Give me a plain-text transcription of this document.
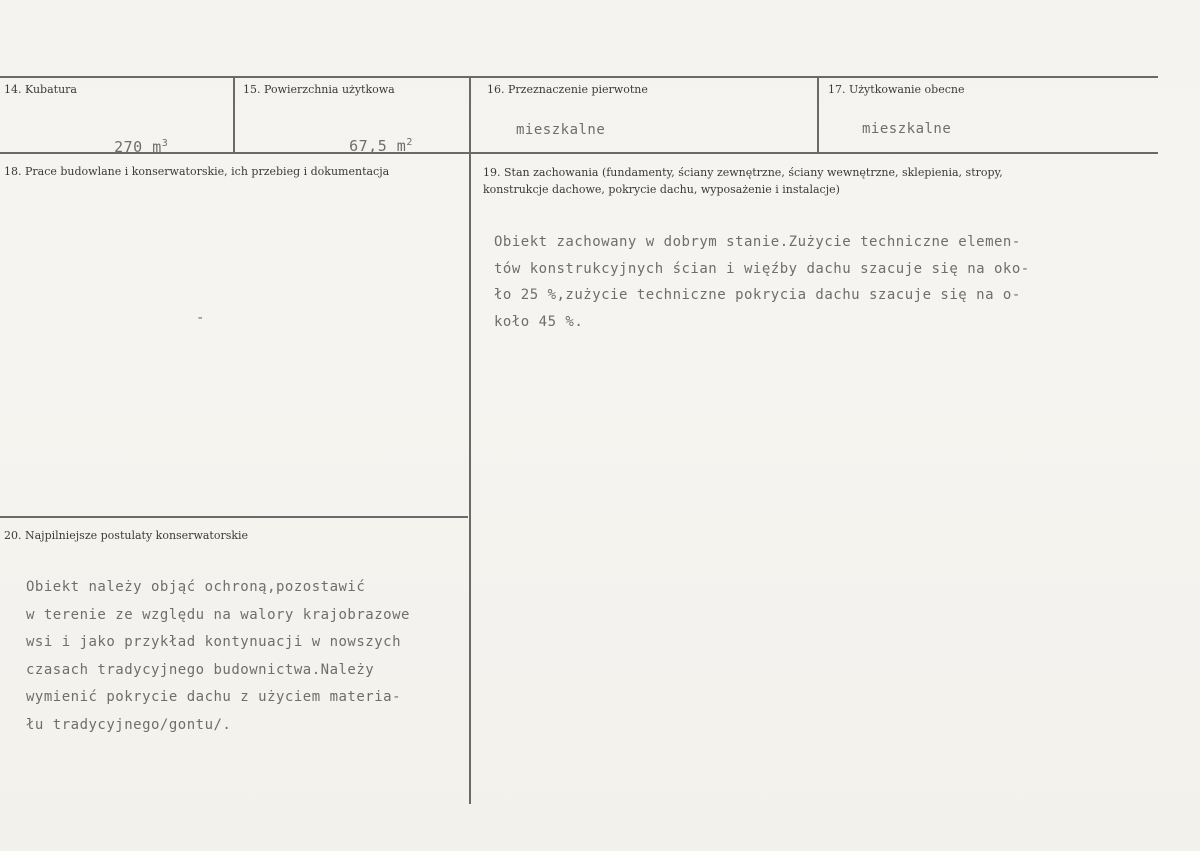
14. Kubatura

270 $m^3$

15. Powierzchnia użytkowa

67,5 $m^2$

16. Przeznaczenie pierwotne
mieszkalne
17. Użytkowanie obecne
mieszkalne
18. Prace budowlane i konserwatorskie, ich przebieg i dokumentacja
-
19. Stan zachowania (fundamenty, ściany zewnętrzne, ściany wewnętrzne, sklepienia, stropy, konstrukcje dachowe, pokrycie dachu, wyposażenie i instalacje)
Obiekt zachowany w dobrym stanie.Zużycie techniczne elemen-
tów konstrukcyjnych ścian i więźby dachu szacuje się na oko-
ło 25 %,zużycie techniczne pokrycia dachu szacuje się na o-
koło 45 %.
20. Najpilniejsze postulaty konserwatorskie
Obiekt należy objąć ochroną,pozostawić
w terenie ze względu na walory krajobrazowe
wsi i jako przykład kontynuacji w nowszych
czasach tradycyjnego budownictwa.Należy
wymienić pokrycie dachu z użyciem materia-
łu tradycyjnego/gontu/.
